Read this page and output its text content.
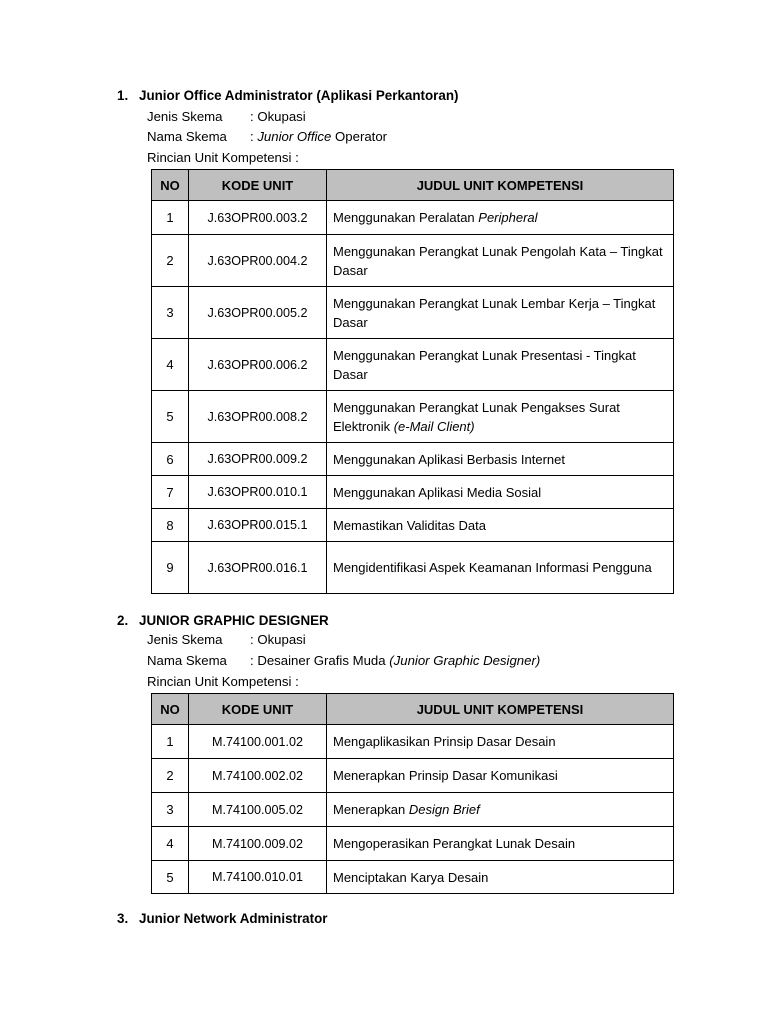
1. Junior Office Administrator (Aplikasi Perkantoran)
Jenis Skema : Okupasi
Nama Skema : Junior Office Operator
Rincian Unit Kompetensi :
NO	KODE UNIT	JUDUL UNIT KOMPETENSI
1	J.63OPR00.003.2	Menggunakan Peralatan Peripheral
2	J.63OPR00.004.2	Menggunakan Perangkat Lunak Pengolah Kata – Tingkat Dasar
3	J.63OPR00.005.2	Menggunakan Perangkat Lunak Lembar Kerja – Tingkat Dasar
4	J.63OPR00.006.2	Menggunakan Perangkat Lunak Presentasi - Tingkat Dasar
5	J.63OPR00.008.2	Menggunakan Perangkat Lunak Pengakses Surat Elektronik (e-Mail Client)
6	J.63OPR00.009.2	Menggunakan Aplikasi Berbasis Internet
7	J.63OPR00.010.1	Menggunakan Aplikasi Media Sosial
8	J.63OPR00.015.1	Memastikan Validitas Data
9	J.63OPR00.016.1	Mengidentifikasi Aspek Keamanan Informasi Pengguna
2. JUNIOR GRAPHIC DESIGNER
Jenis Skema : Okupasi
Nama Skema : Desainer Grafis Muda (Junior Graphic Designer)
Rincian Unit Kompetensi :
NO	KODE UNIT	JUDUL UNIT KOMPETENSI
1	M.74100.001.02	Mengaplikasikan Prinsip Dasar Desain
2	M.74100.002.02	Menerapkan Prinsip Dasar Komunikasi
3	M.74100.005.02	Menerapkan Design Brief
4	M.74100.009.02	Mengoperasikan Perangkat Lunak Desain
5	M.74100.010.01	Menciptakan Karya Desain
3. Junior Network Administrator
